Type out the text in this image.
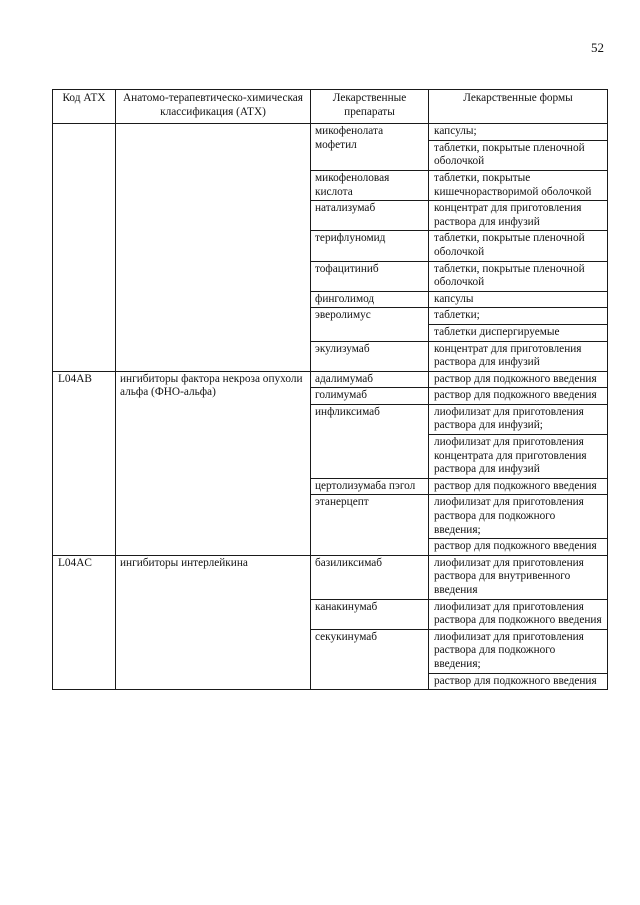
52
Код АТХ	Анатомо-терапевтическо-химическая классификация (АТХ)	Лекарственные препараты	Лекарственные формы
		микофенолата мофетил	капсулы;
			таблетки, покрытые пленочной оболочкой
		микофеноловая кислота	таблетки, покрытые кишечнорастворимой оболочкой
		натализумаб	концентрат для приготовления раствора для инфузий
		терифлуномид	таблетки, покрытые пленочной оболочкой
		тофацитиниб	таблетки, покрытые пленочной оболочкой
		финголимод	капсулы
		эверолимус	таблетки;
			таблетки диспергируемые
		экулизумаб	концентрат для приготовления раствора для инфузий
L04AB	ингибиторы фактора некроза опухоли альфа (ФНО-альфа)	адалимумаб	раствор для подкожного введения
		голимумаб	раствор для подкожного введения
		инфликсимаб	лиофилизат для приготовления раствора для инфузий;
			лиофилизат для приготовления концентрата для приготовления раствора для инфузий
		цертолизумаба пэгол	раствор для подкожного введения
		этанерцепт	лиофилизат для приготовления раствора для подкожного введения;
			раствор для подкожного введения
L04AC	ингибиторы интерлейкина	базиликсимаб	лиофилизат для приготовления раствора для внутривенного введения
		канакинумаб	лиофилизат для приготовления раствора для подкожного введения
		секукинумаб	лиофилизат для приготовления раствора для подкожного введения;
			раствор для подкожного введения
